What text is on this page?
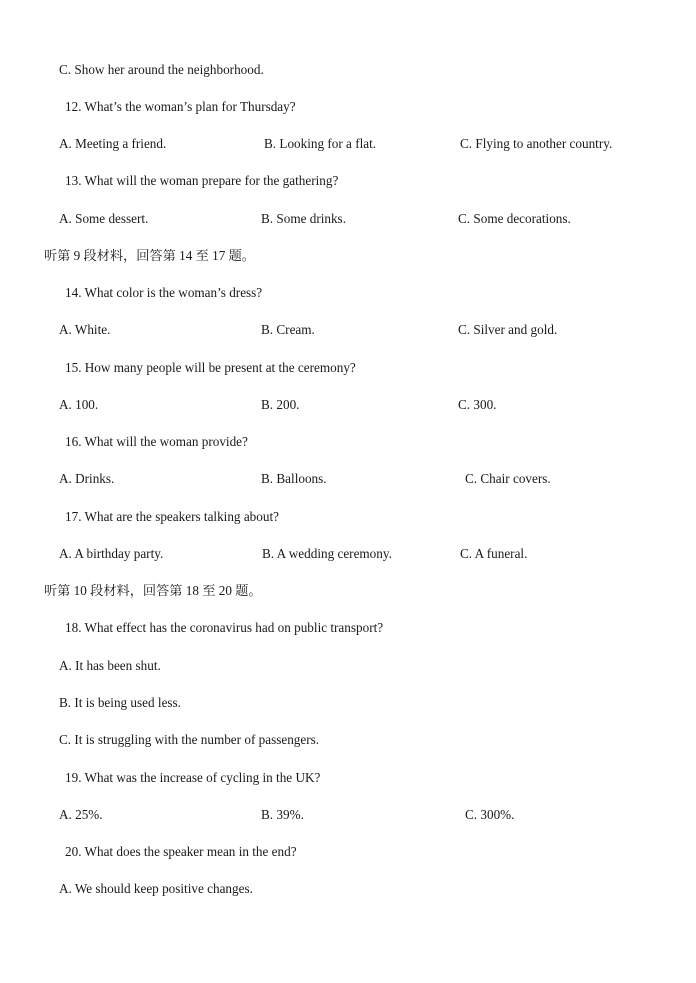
C. Show her around the neighborhood.
12. What’s the woman’s plan for Thursday?
A. Meeting a friend.	B. Looking for a flat.	C. Flying to another country.
13. What will the woman prepare for the gathering?
A. Some dessert.	B. Some drinks.	C. Some decorations.
听第 9 段材料，回答第 14 至 17 题。
14. What color is the woman’s dress?
A. White.	B. Cream.	C. Silver and gold.
15. How many people will be present at the ceremony?
A. 100.	B. 200.	C. 300.
16. What will the woman provide?
A. Drinks.	B. Balloons.	C. Chair covers.
17. What are the speakers talking about?
A. A birthday party.	B. A wedding ceremony.	C. A funeral.
听第 10 段材料，回答第 18 至 20 题。
18. What effect has the coronavirus had on public transport?
A. It has been shut.
B. It is being used less.
C. It is struggling with the number of passengers.
19. What was the increase of cycling in the UK?
A. 25%.	B. 39%.	C. 300%.
20. What does the speaker mean in the end?
A. We should keep positive changes.
